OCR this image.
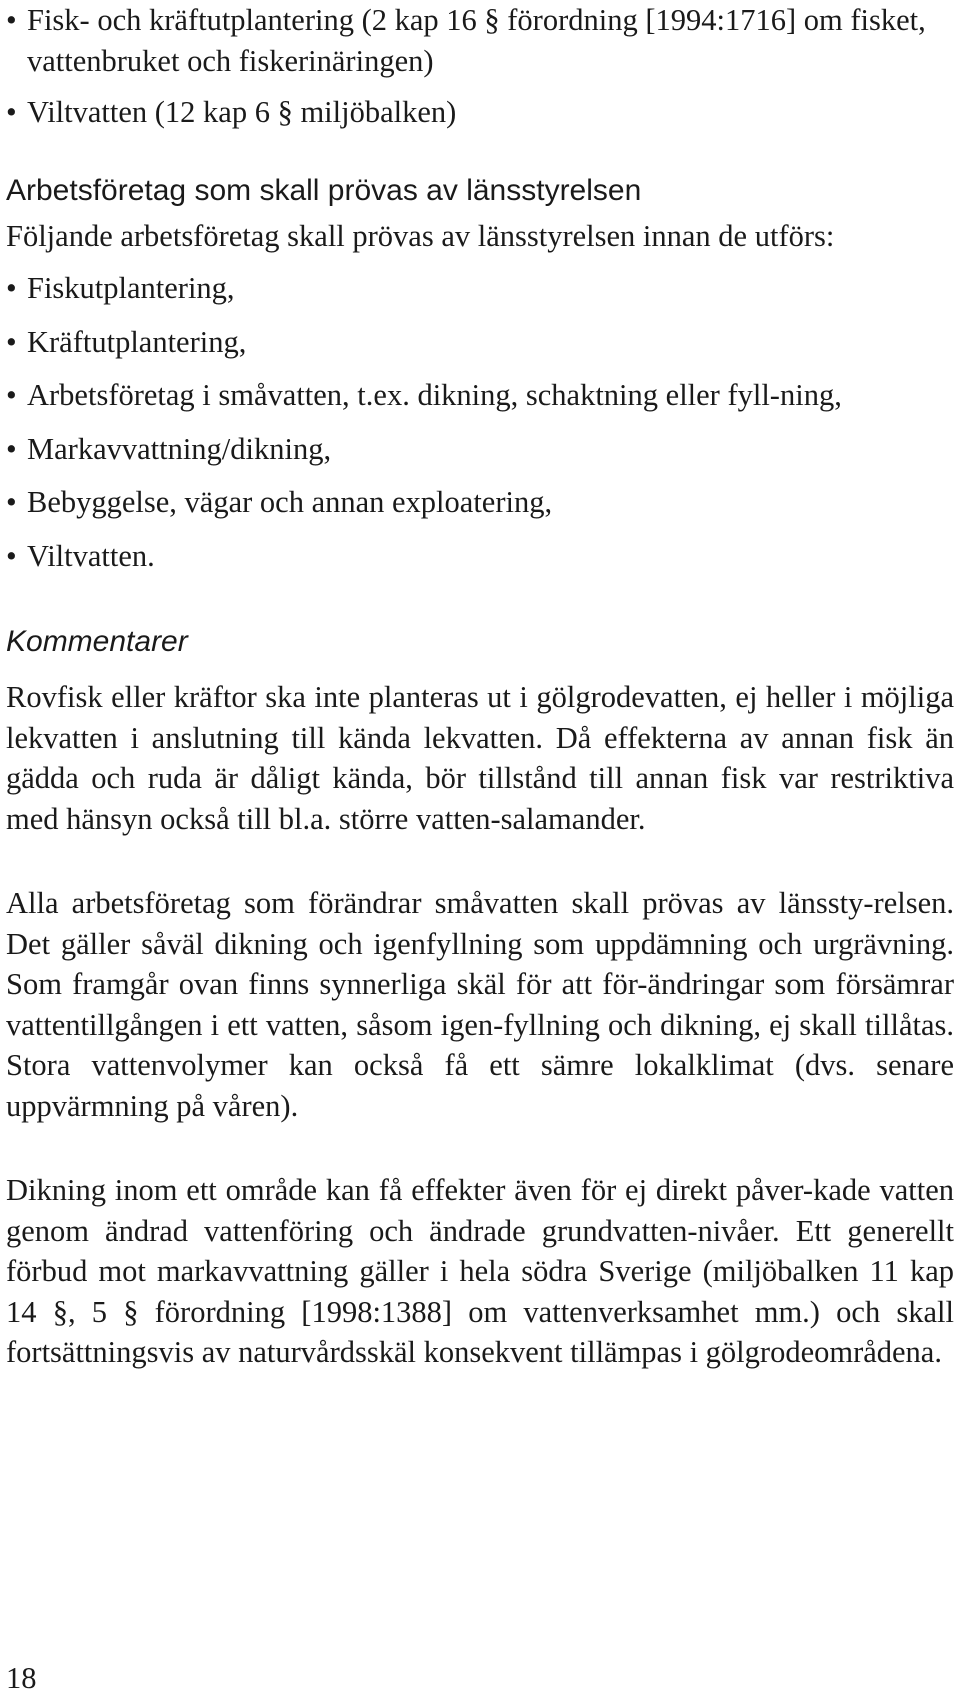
• Fisk- och kräftutplantering (2 kap 16 § förordning [1994:1716] om fisket, vattenbruket och fiskerinäringen)
• Viltvatten (12 kap 6 § miljöbalken)
Arbetsföretag som skall prövas av länsstyrelsen

Följande arbetsföretag skall prövas av länsstyrelsen innan de utförs:

• Fiskutplantering,
• Kräftutplantering,
• Arbetsföretag i småvatten, t.ex. dikning, schaktning eller fyll-ning,
• Markavvattning/dikning,
• Bebyggelse, vägar och annan exploatering,
• Viltvatten.
Kommentarer

Rovfisk eller kräftor ska inte planteras ut i gölgrodevatten, ej heller i möjliga lekvatten i anslutning till kända lekvatten. Då effekterna av annan fisk än gädda och ruda är dåligt kända, bör tillstånd till annan fisk var restriktiva med hänsyn också till bl.a. större vatten-salamander.

Alla arbetsföretag som förändrar småvatten skall prövas av länssty-relsen. Det gäller såväl dikning och igenfyllning som uppdämning och urgrävning. Som framgår ovan finns synnerliga skäl för att för-ändringar som försämrar vattentillgången i ett vatten, såsom igen-fyllning och dikning, ej skall tillåtas. Stora vattenvolymer kan också få ett sämre lokalklimat (dvs. senare uppvärmning på våren).

Dikning inom ett område kan få effekter även för ej direkt påver-kade vatten genom ändrad vattenföring och ändrade grundvatten-nivåer. Ett generellt förbud mot markavvattning gäller i hela södra Sverige (miljöbalken 11 kap 14 §, 5 § förordning [1998:1388] om vattenverksamhet mm.) och skall fortsättningsvis av naturvårdsskäl konsekvent tillämpas i gölgrodeområdena.

18
